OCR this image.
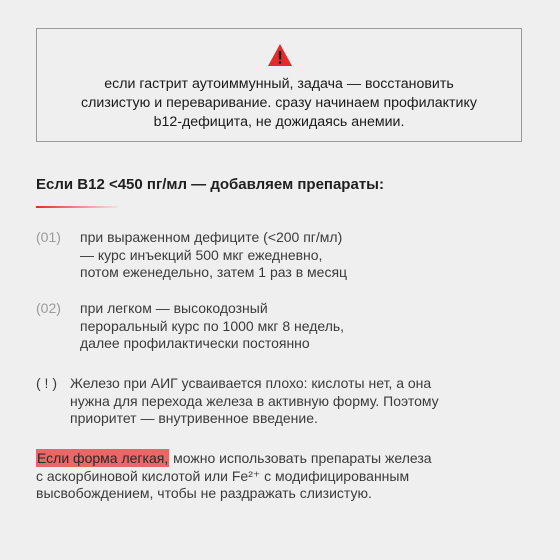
если гастрит аутоиммунный, задача — восстановить
слизистую и переваривание. сразу начинаем профилактику
b12-дефицита, не дожидаясь анемии.
Если B12 <450 пг/мл — добавляем препараты:
(01) при выраженном дефиците (<200 пг/мл)
— курс инъекций 500 мкг ежедневно,
потом еженедельно, затем 1 раз в месяц
(02) при легком — высокодозный
пероральный курс по 1000 мкг 8 недель,
далее профилактически постоянно
( ! ) Железо при АИГ усваивается плохо: кислоты нет, а она
нужна для перехода железа в активную форму. Поэтому
приоритет — внутривенное введение.
Если форма легкая, можно использовать препараты железа
с аскорбиновой кислотой или Fe²⁺ с модифицированным
высвобождением, чтобы не раздражать слизистую.
